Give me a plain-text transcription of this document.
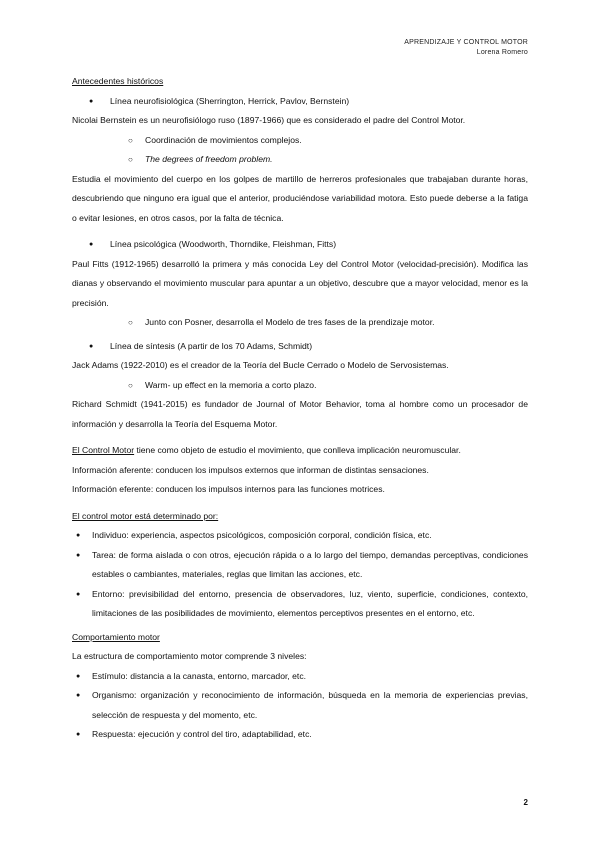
APRENDIZAJE Y CONTROL MOTOR
Lorena Romero

Antecedentes históricos

● Línea neurofisiológica (Sherrington, Herrick, Pavlov, Bernstein)

Nicolai Bernstein es un neurofisiólogo ruso (1897-1966) que es considerado el padre del Control Motor.

○ Coordinación de movimientos complejos.

○ The degrees of freedom problem.

Estudia el movimiento del cuerpo en los golpes de martillo de herreros profesionales que trabajaban durante horas, descubriendo que ninguno era igual que el anterior, produciéndose variabilidad motora. Esto puede deberse a la fatiga o evitar lesiones, en otros casos, por la falta de técnica.

● Línea psicológica (Woodworth, Thorndike, Fleishman, Fitts)

Paul Fitts (1912-1965) desarrolló la primera y más conocida Ley del Control Motor (velocidad-precisión). Modifica las dianas y observando el movimiento muscular para apuntar a un objetivo, descubre que a mayor velocidad, menor es la precisión.

○ Junto con Posner, desarrolla el Modelo de tres fases de la prendizaje motor.

● Línea de síntesis (A partir de los 70 Adams, Schmidt)

Jack Adams (1922-2010) es el creador de la Teoría del Bucle Cerrado o Modelo de Servosistemas.

○ Warm- up effect en la memoria a corto plazo.

Richard Schmidt (1941-2015) es fundador de Journal of Motor Behavior, toma al hombre como un procesador de información y desarrolla la Teoría del Esquema Motor.

El Control Motor tiene como objeto de estudio el movimiento, que conlleva implicación neuromuscular.

Información aferente: conducen los impulsos externos que informan de distintas sensaciones.

Información eferente: conducen los impulsos internos para las funciones motrices.

El control motor está determinado por:

● Individuo: experiencia, aspectos psicológicos, composición corporal, condición física, etc.

● Tarea: de forma aislada o con otros, ejecución rápida o a lo largo del tiempo, demandas perceptivas, condiciones estables o cambiantes, materiales, reglas que limitan las acciones, etc.

● Entorno: previsibilidad del entorno, presencia de observadores, luz, viento, superficie, condiciones, contexto, limitaciones de las posibilidades de movimiento, elementos perceptivos presentes en el entorno, etc.

Comportamiento motor

La estructura de comportamiento motor comprende 3 niveles:

● Estímulo: distancia a la canasta, entorno, marcador, etc.

● Organismo: organización y reconocimiento de información, búsqueda en la memoria de experiencias previas, selección de respuesta y del momento, etc.

● Respuesta: ejecución y control del tiro, adaptabilidad, etc.

2
